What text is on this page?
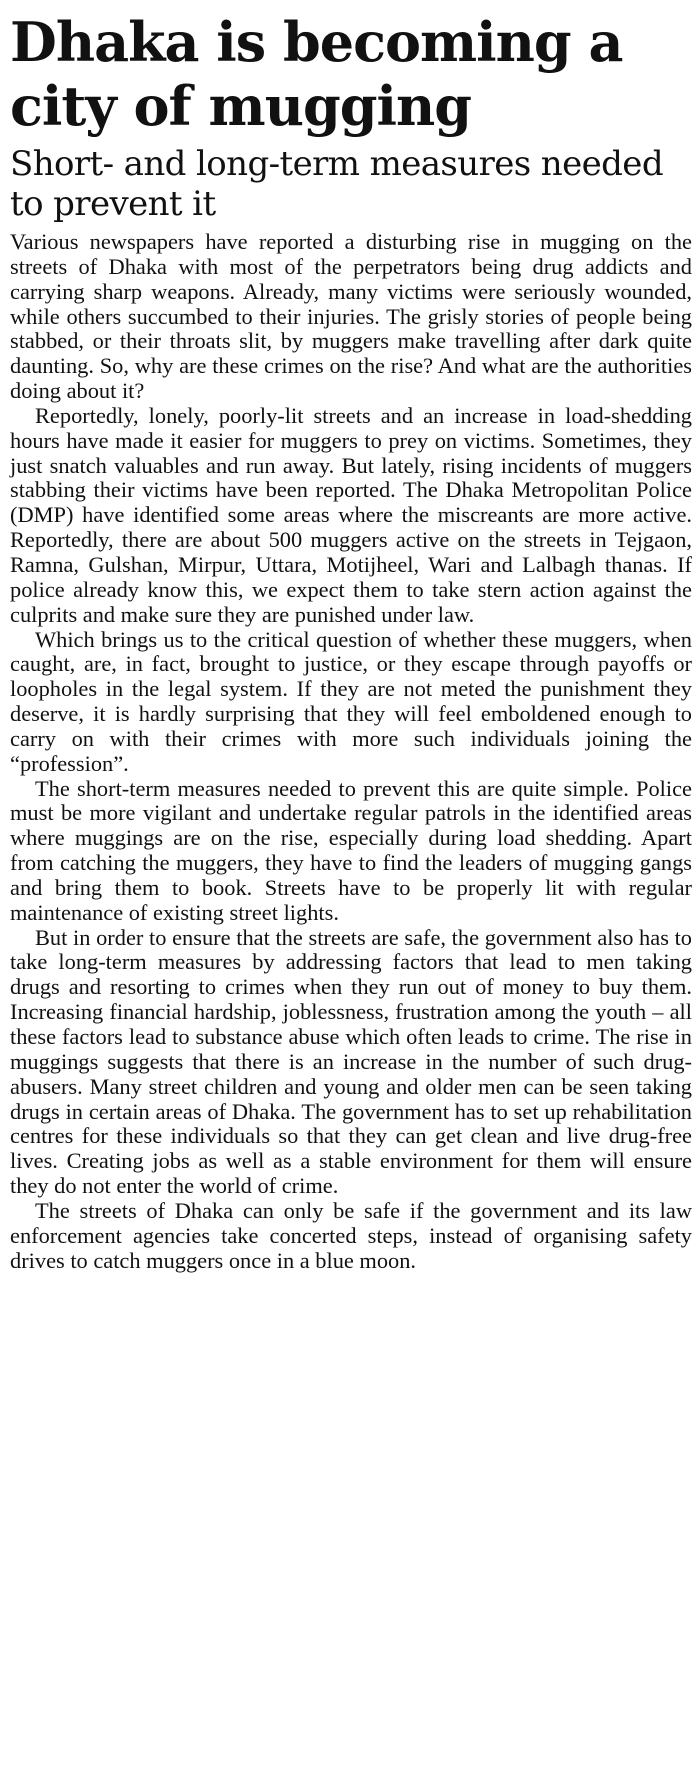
Dhaka is becoming a city of mugging
Short- and long-term measures needed to prevent it

Various newspapers have reported a disturbing rise in mugging on the streets of Dhaka with most of the perpetrators being drug addicts and carrying sharp weapons. Already, many victims were seriously wounded, while others succumbed to their injuries. The grisly stories of people being stabbed, or their throats slit, by muggers make travelling after dark quite daunting. So, why are these crimes on the rise? And what are the authorities doing about it?

Reportedly, lonely, poorly-lit streets and an increase in load-shedding hours have made it easier for muggers to prey on victims. Sometimes, they just snatch valuables and run away. But lately, rising incidents of muggers stabbing their victims have been reported. The Dhaka Metropolitan Police (DMP) have identified some areas where the miscreants are more active. Reportedly, there are about 500 muggers active on the streets in Tejgaon, Ramna, Gulshan, Mirpur, Uttara, Motijheel, Wari and Lalbagh thanas. If police already know this, we expect them to take stern action against the culprits and make sure they are punished under law.

Which brings us to the critical question of whether these muggers, when caught, are, in fact, brought to justice, or they escape through payoffs or loopholes in the legal system. If they are not meted the punishment they deserve, it is hardly surprising that they will feel emboldened enough to carry on with their crimes with more such individuals joining the “profession”.

The short-term measures needed to prevent this are quite simple. Police must be more vigilant and undertake regular patrols in the identified areas where muggings are on the rise, especially during load shedding. Apart from catching the muggers, they have to find the leaders of mugging gangs and bring them to book. Streets have to be properly lit with regular maintenance of existing street lights.

But in order to ensure that the streets are safe, the government also has to take long-term measures by addressing factors that lead to men taking drugs and resorting to crimes when they run out of money to buy them. Increasing financial hardship, joblessness, frustration among the youth – all these factors lead to substance abuse which often leads to crime. The rise in muggings suggests that there is an increase in the number of such drug-abusers. Many street children and young and older men can be seen taking drugs in certain areas of Dhaka. The government has to set up rehabilitation centres for these individuals so that they can get clean and live drug-free lives. Creating jobs as well as a stable environment for them will ensure they do not enter the world of crime.

The streets of Dhaka can only be safe if the government and its law enforcement agencies take concerted steps, instead of organising safety drives to catch muggers once in a blue moon.
